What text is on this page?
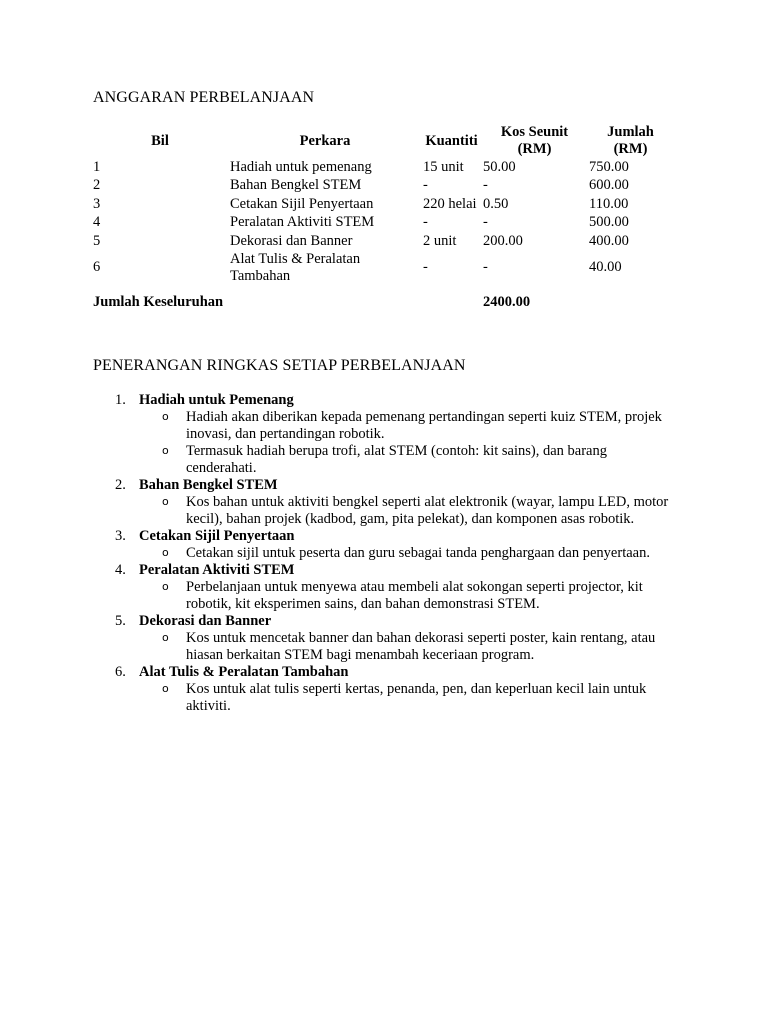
ANGGARAN PERBELANJAAN
Bil	Perkara	Kuantiti	Kos Seunit (RM)	Jumlah (RM)
1	Hadiah untuk pemenang	15 unit	50.00	750.00
2	Bahan Bengkel STEM	-	-	600.00
3	Cetakan Sijil Penyertaan	220 helai	0.50	110.00
4	Peralatan Aktiviti STEM	-	-	500.00
5	Dekorasi dan Banner	2 unit	200.00	400.00
6	Alat Tulis & Peralatan Tambahan	-	-	40.00
Jumlah Keseluruhan			2400.00	
PENERANGAN RINGKAS SETIAP PERBELANJAAN
1. Hadiah untuk Pemenang
o Hadiah akan diberikan kepada pemenang pertandingan seperti kuiz STEM, projek inovasi, dan pertandingan robotik.
o Termasuk hadiah berupa trofi, alat STEM (contoh: kit sains), dan barang cenderahati.
2. Bahan Bengkel STEM
o Kos bahan untuk aktiviti bengkel seperti alat elektronik (wayar, lampu LED, motor kecil), bahan projek (kadbod, gam, pita pelekat), dan komponen asas robotik.
3. Cetakan Sijil Penyertaan
o Cetakan sijil untuk peserta dan guru sebagai tanda penghargaan dan penyertaan.
4. Peralatan Aktiviti STEM
o Perbelanjaan untuk menyewa atau membeli alat sokongan seperti projector, kit robotik, kit eksperimen sains, dan bahan demonstrasi STEM.
5. Dekorasi dan Banner
o Kos untuk mencetak banner dan bahan dekorasi seperti poster, kain rentang, atau hiasan berkaitan STEM bagi menambah keceriaan program.
6. Alat Tulis & Peralatan Tambahan
o Kos untuk alat tulis seperti kertas, penanda, pen, dan keperluan kecil lain untuk aktiviti.
